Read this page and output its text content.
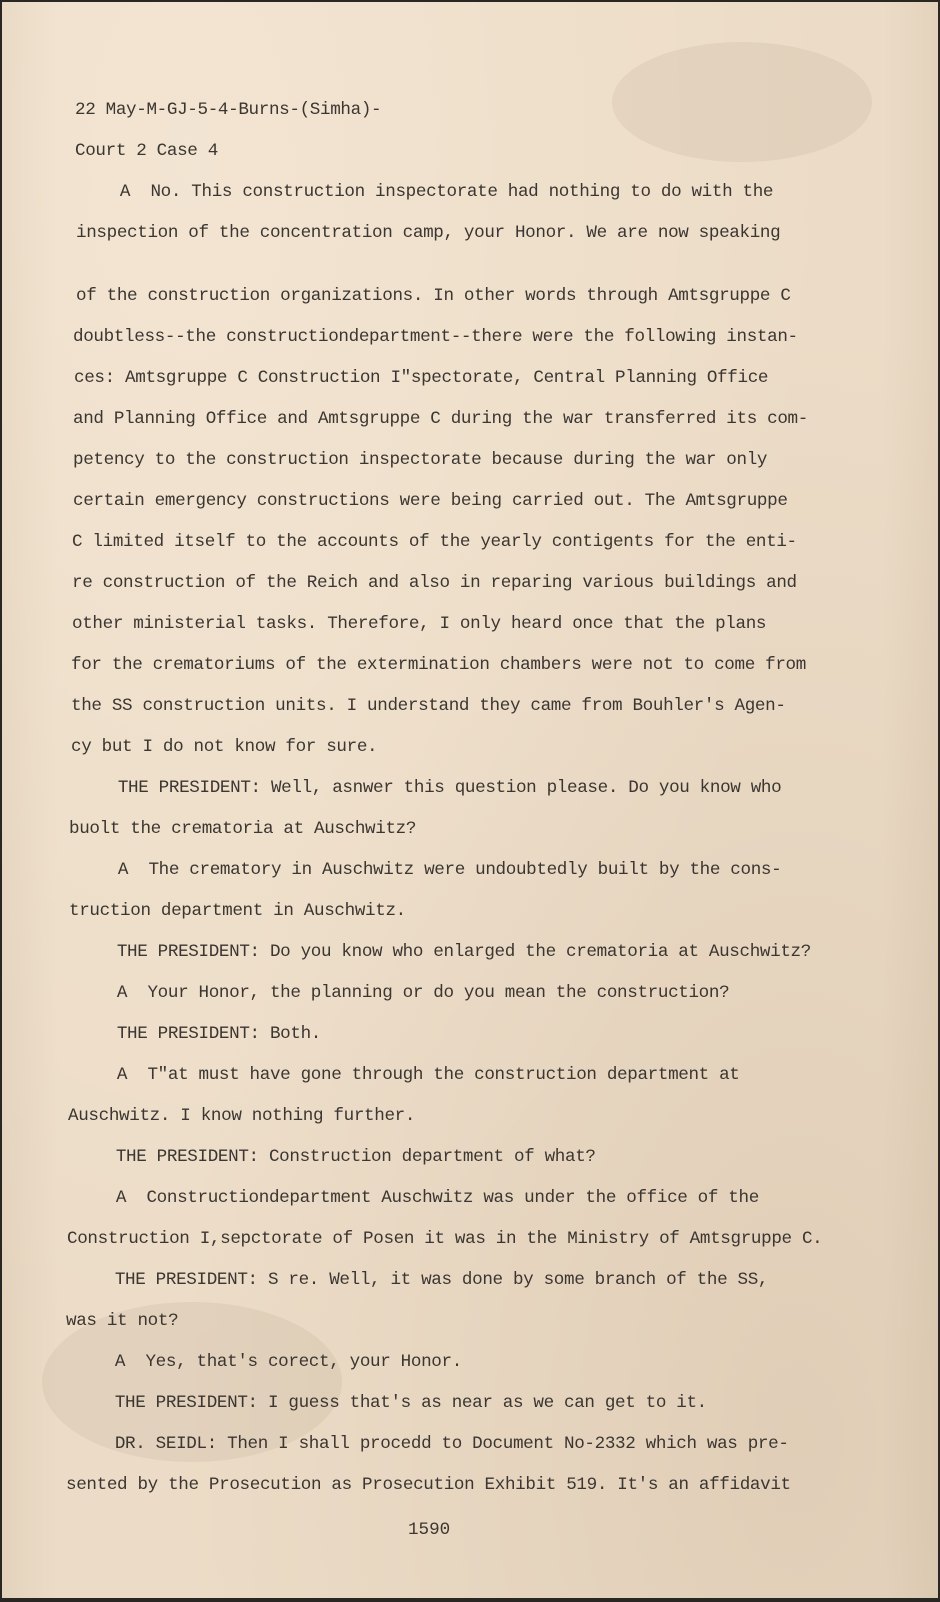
22 May-M-GJ-5-4-Burns-(Simha)-
Court 2 Case 4
A  No. This construction inspectorate had nothing to do with the
inspection of the concentration camp, your Honor. We are now speaking
of the construction organizations. In other words through Amtsgruppe C
doubtless--the constructiondepartment--there were the following instan-
ces: Amtsgruppe C Construction I"spectorate, Central Planning Office
and Planning Office and Amtsgruppe C during the war transferred its com-
petency to the construction inspectorate because during the war only
certain emergency constructions were being carried out. The Amtsgruppe
C limited itself to the accounts of the yearly contigents for the enti-
re construction of the Reich and also in reparing various buildings and
other ministerial tasks. Therefore, I only heard once that the plans
for the crematoriums of the extermination chambers were not to come from
the SS construction units. I understand they came from Bouhler's Agen-
cy but I do not know for sure.
THE PRESIDENT: Well, asnwer this question please. Do you know who
buolt the crematoria at Auschwitz?
A  The crematory in Auschwitz were undoubtedly built by the cons-
truction department in Auschwitz.
THE PRESIDENT: Do you know who enlarged the crematoria at Auschwitz?
A  Your Honor, the planning or do you mean the construction?
THE PRESIDENT: Both.
A  T"at must have gone through the construction department at
Auschwitz. I know nothing further.
THE PRESIDENT: Construction department of what?
A  Constructiondepartment Auschwitz was under the office of the
Construction I,sepctorate of Posen it was in the Ministry of Amtsgruppe C.
THE PRESIDENT: S re. Well, it was done by some branch of the SS,
was it not?
A  Yes, that's corect, your Honor.
THE PRESIDENT: I guess that's as near as we can get to it.
DR. SEIDL: Then I shall procedd to Document No-2332 which was pre-
sented by the Prosecution as Prosecution Exhibit 519. It's an affidavit
1590
